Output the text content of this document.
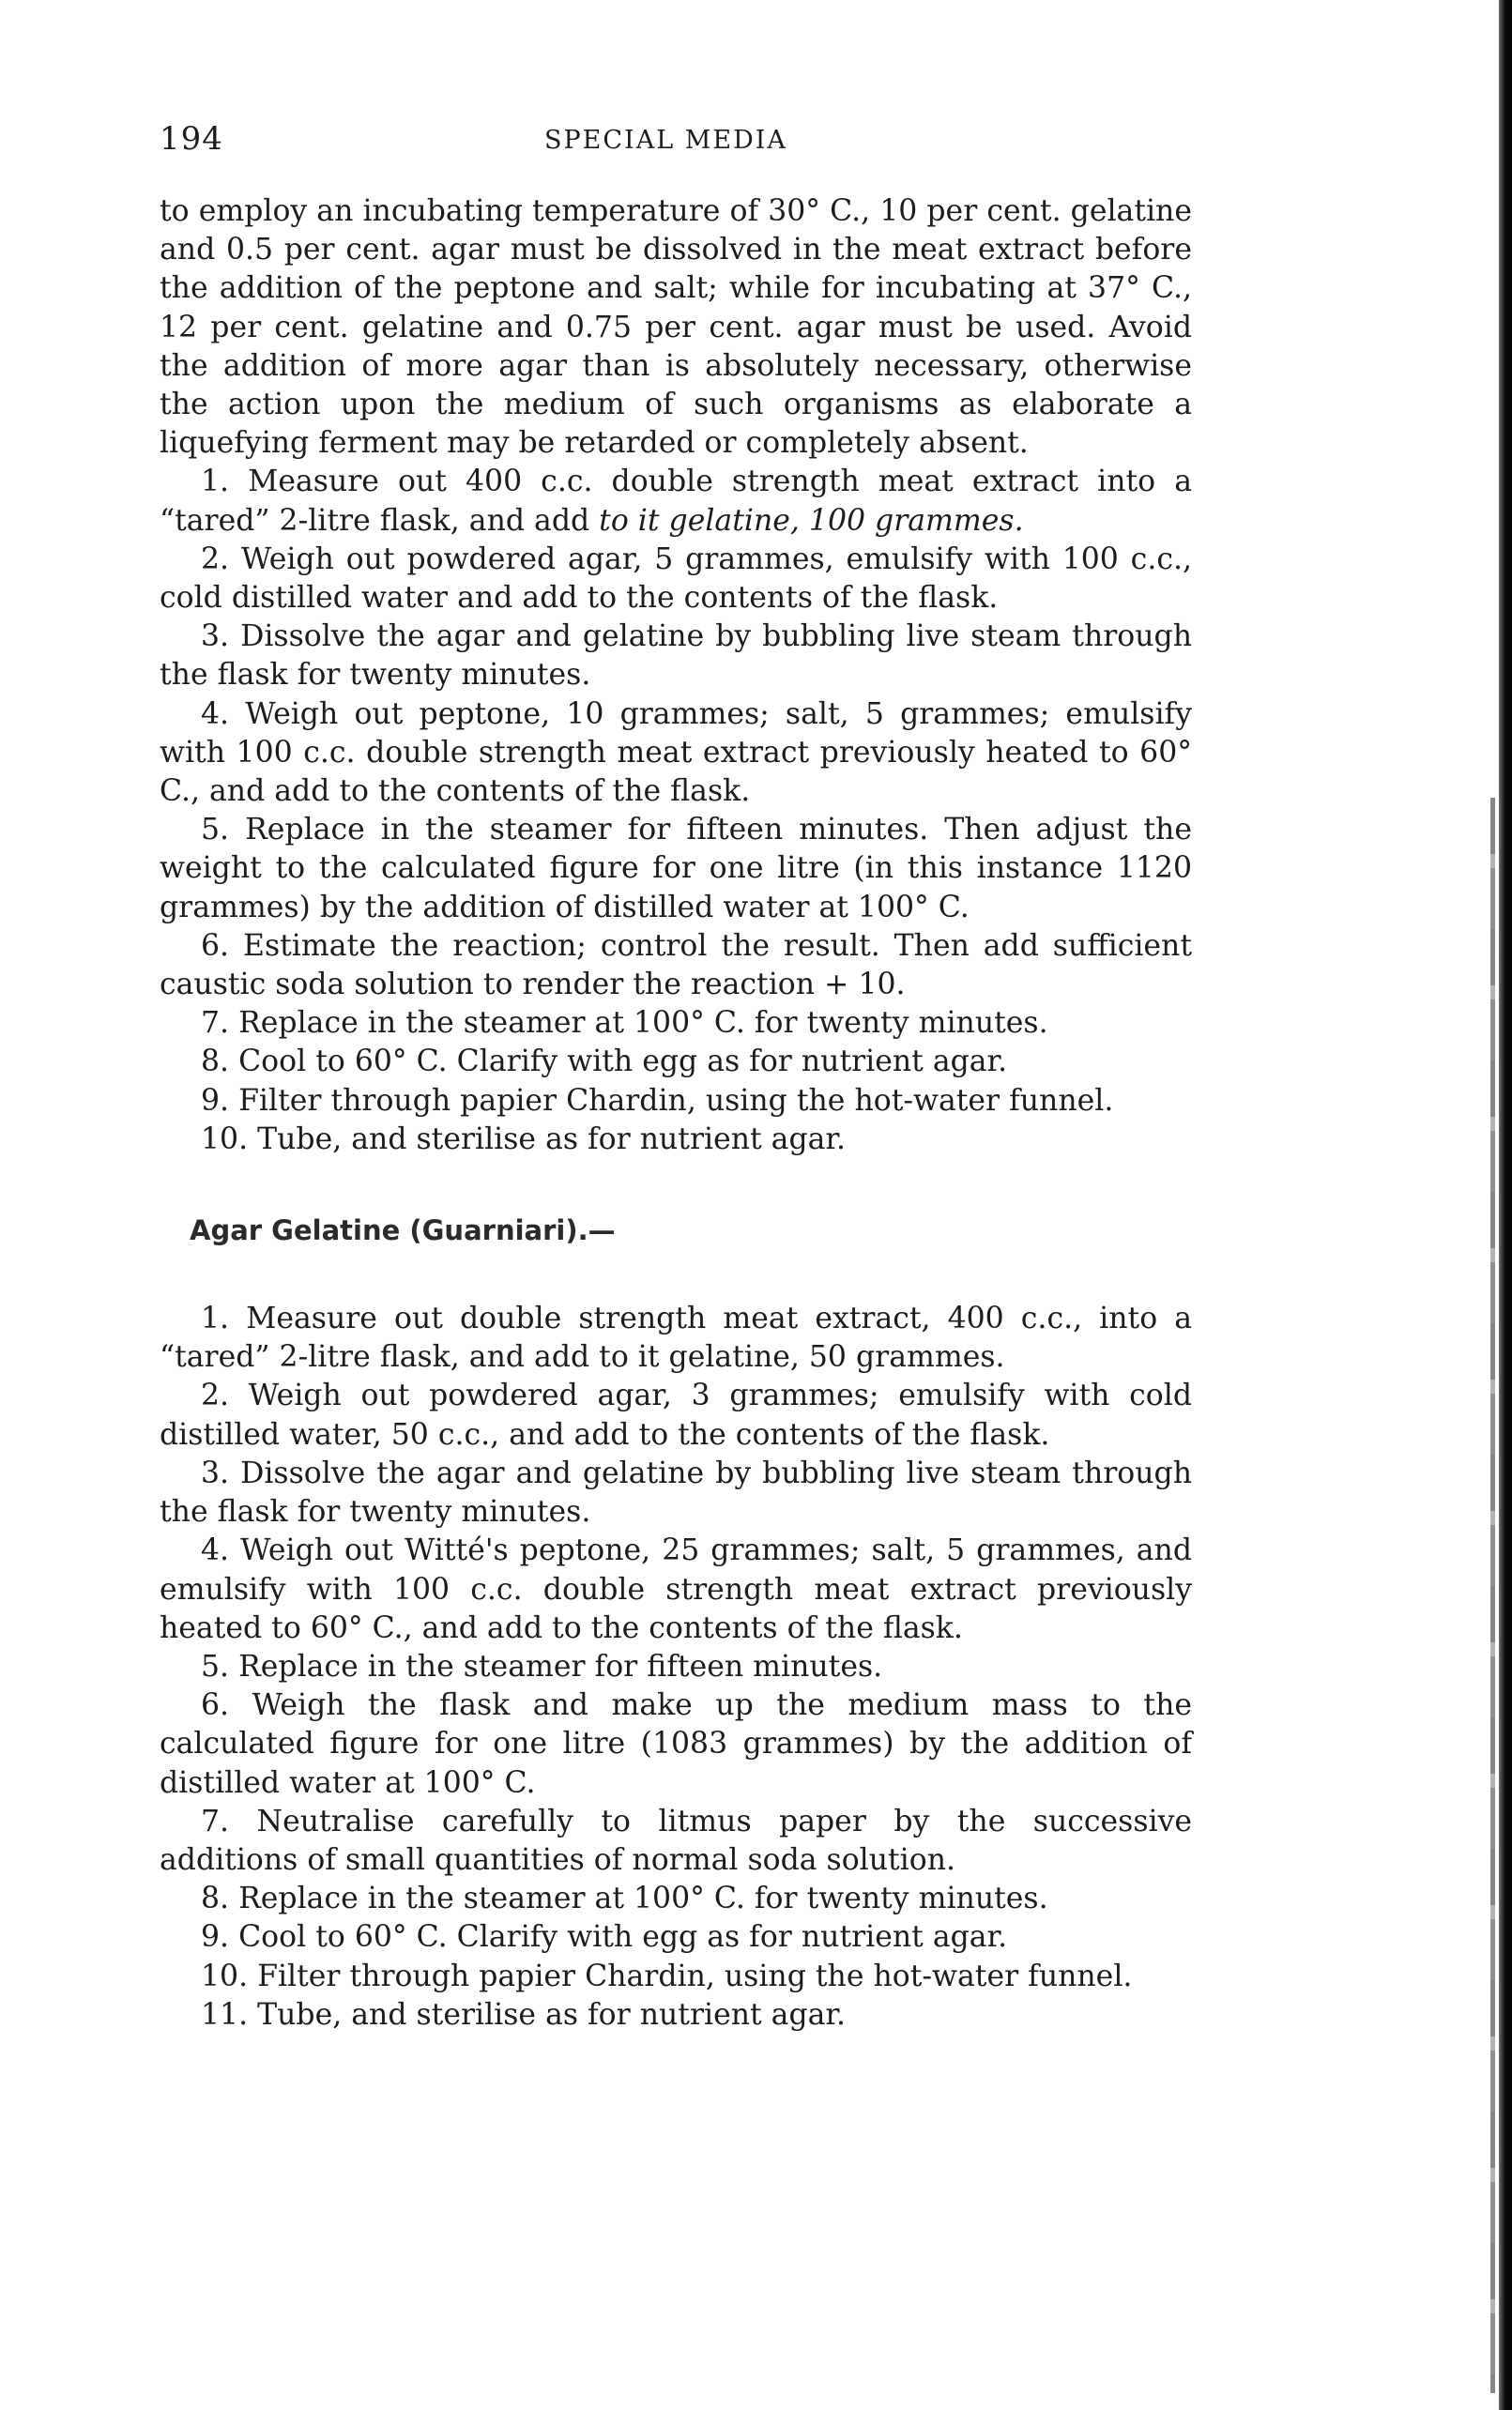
194	SPECIAL MEDIA

to employ an incubating temperature of 30° C., 10 per cent. gelatine and 0.5 per cent. agar must be dissolved in the meat extract before the addition of the peptone and salt; while for incubating at 37° C., 12 per cent. gelatine and 0.75 per cent. agar must be used. Avoid the addition of more agar than is absolutely necessary, otherwise the action upon the medium of such organisms as elaborate a liquefying ferment may be retarded or completely absent.

1. Measure out 400 c.c. double strength meat extract into a “tared” 2-litre flask, and add to it gelatine, 100 grammes.

2. Weigh out powdered agar, 5 grammes, emulsify with 100 c.c., cold distilled water and add to the contents of the flask.

3. Dissolve the agar and gelatine by bubbling live steam through the flask for twenty minutes.

4. Weigh out peptone, 10 grammes; salt, 5 grammes; emulsify with 100 c.c. double strength meat extract previously heated to 60° C., and add to the contents of the flask.

5. Replace in the steamer for fifteen minutes. Then adjust the weight to the calculated figure for one litre (in this instance 1120 grammes) by the addition of distilled water at 100° C.

6. Estimate the reaction; control the result. Then add sufficient caustic soda solution to render the reaction + 10.

7. Replace in the steamer at 100° C. for twenty minutes.

8. Cool to 60° C. Clarify with egg as for nutrient agar.

9. Filter through papier Chardin, using the hot-water funnel.

10. Tube, and sterilise as for nutrient agar.

Agar Gelatine (Guarniari).—

1. Measure out double strength meat extract, 400 c.c., into a “tared” 2-litre flask, and add to it gelatine, 50 grammes.

2. Weigh out powdered agar, 3 grammes; emulsify with cold distilled water, 50 c.c., and add to the contents of the flask.

3. Dissolve the agar and gelatine by bubbling live steam through the flask for twenty minutes.

4. Weigh out Witté's peptone, 25 grammes; salt, 5 grammes, and emulsify with 100 c.c. double strength meat extract previously heated to 60° C., and add to the contents of the flask.

5. Replace in the steamer for fifteen minutes.

6. Weigh the flask and make up the medium mass to the calculated figure for one litre (1083 grammes) by the addition of distilled water at 100° C.

7. Neutralise carefully to litmus paper by the successive additions of small quantities of normal soda solution.

8. Replace in the steamer at 100° C. for twenty minutes.

9. Cool to 60° C. Clarify with egg as for nutrient agar.

10. Filter through papier Chardin, using the hot-water funnel.

11. Tube, and sterilise as for nutrient agar.
